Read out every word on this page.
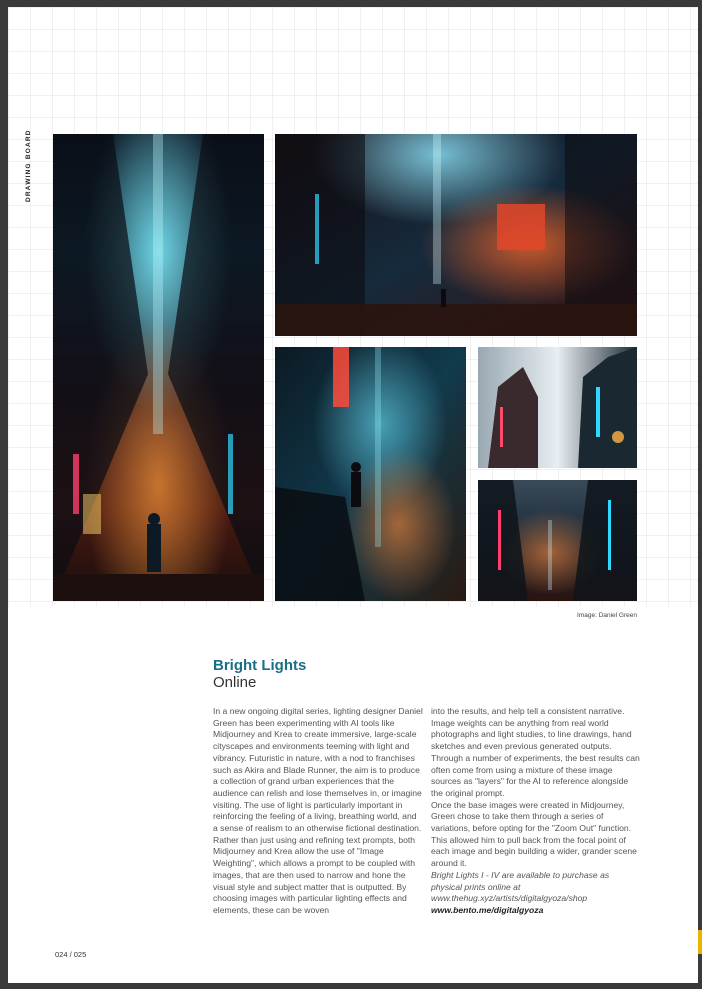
DRAWING BOARD
Image: Daniel Green
Bright Lights
Online

In a new ongoing digital series, lighting designer Daniel Green has been experimenting with AI tools like Midjourney and Krea to create immersive, large-scale cityscapes and environments teeming with light and vibrancy. Futuristic in nature, with a nod to franchises such as Akira and Blade Runner, the aim is to produce a collection of grand urban experiences that the audience can relish and lose themselves in, or imagine visiting. The use of light is particularly important in reinforcing the feeling of a living, breathing world, and a sense of realism to an otherwise fictional destination.

Rather than just using and refining text prompts, both Midjourney and Krea allow the use of "Image Weighting", which allows a prompt to be coupled with images, that are then used to narrow and hone the visual style and subject matter that is outputted. By choosing images with particular lighting effects and elements, these can be woven

into the results, and help tell a consistent narrative. Image weights can be anything from real world photographs and light studies, to line drawings, hand sketches and even previous generated outputs. Through a number of experiments, the best results can often come from using a mixture of these image sources as "layers" for the AI to reference alongside the original prompt.

Once the base images were created in Midjourney, Green chose to take them through a series of variations, before opting for the "Zoom Out" function. This allowed him to pull back from the focal point of each image and begin building a wider, grander scene around it.

Bright Lights I - IV are available to purchase as physical prints online at www.thehug.xyz/artists/digitalgyoza/shop

www.bento.me/digitalgyoza

024 / 025
